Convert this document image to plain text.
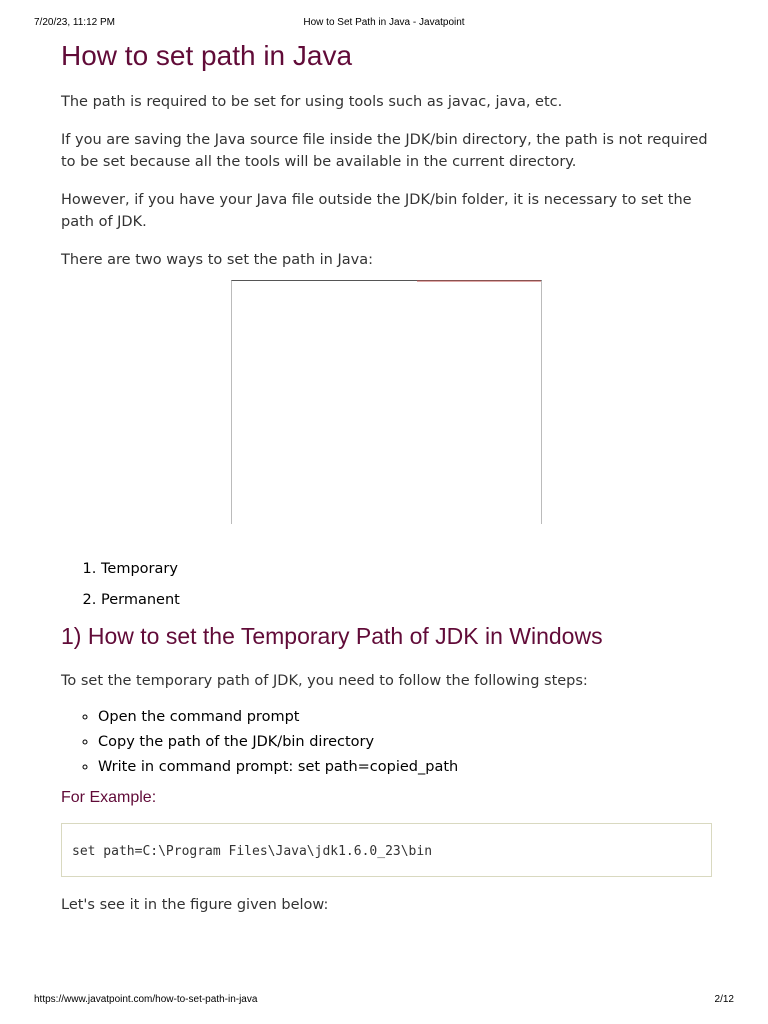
7/20/23, 11:12 PM	How to Set Path in Java - Javatpoint
How to set path in Java

The path is required to be set for using tools such as javac, java, etc.

If you are saving the Java source file inside the JDK/bin directory, the path is not required to be set because all the tools will be available in the current directory.

However, if you have your Java file outside the JDK/bin folder, it is necessary to set the path of JDK.

There are two ways to set the path in Java:

1. Temporary
2. Permanent
1) How to set the Temporary Path of JDK in Windows

To set the temporary path of JDK, you need to follow the following steps:

◦ Open the command prompt
◦ Copy the path of the JDK/bin directory
◦ Write in command prompt: set path=copied_path
For Example:
set path=C:\Program Files\Java\jdk1.6.0_23\bin

Let's see it in the figure given below:

https://www.javatpoint.com/how-to-set-path-in-java	2/12
